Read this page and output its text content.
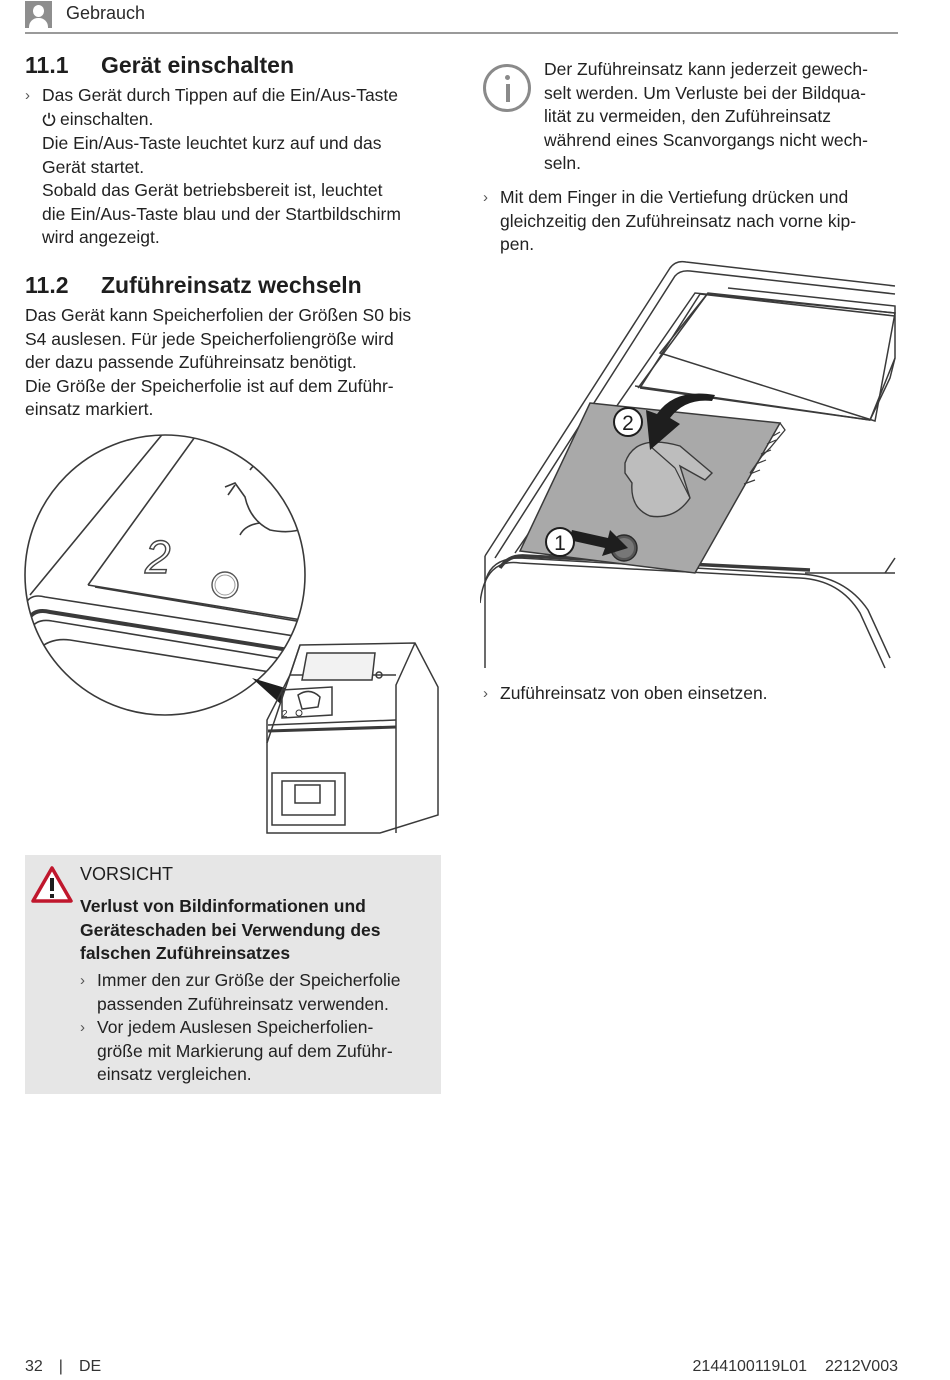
Gebrauch
11.1 Gerät einschalten
› Das Gerät durch Tippen auf die Ein/Aus-Taste
einschalten.
Die Ein/Aus-Taste leuchtet kurz auf und das
Gerät startet.
Sobald das Gerät betriebsbereit ist, leuchtet
die Ein/Aus-Taste blau und der Startbildschirm
wird angezeigt.
11.2 Zuführeinsatz wechseln
Das Gerät kann Speicherfolien der Größen S0 bis
S4 auslesen. Für jede Speicherfoliengröße wird
der dazu passende Zuführeinsatz benötigt.
Die Größe der Speicherfolie ist auf dem Zuführ-
einsatz markiert.
2
2
Der Zuführeinsatz kann jederzeit gewech-
selt werden. Um Verluste bei der Bildqua-
lität zu vermeiden, den Zuführeinsatz
während eines Scanvorgangs nicht wech-
seln.
› Mit dem Finger in die Vertiefung drücken und
gleichzeitig den Zuführeinsatz nach vorne kip-
pen.
1
2
› Zuführeinsatz von oben einsetzen.
VORSICHT
Verlust von Bildinformationen und
Geräteschaden bei Verwendung des
falschen Zuführeinsatzes
› Immer den zur Größe der Speicherfolie
passenden Zuführeinsatz verwenden.
› Vor jedem Auslesen Speicherfolien-
größe mit Markierung auf dem Zuführ-
einsatz vergleichen.
32 | DE	2144100119L01 2212V003
